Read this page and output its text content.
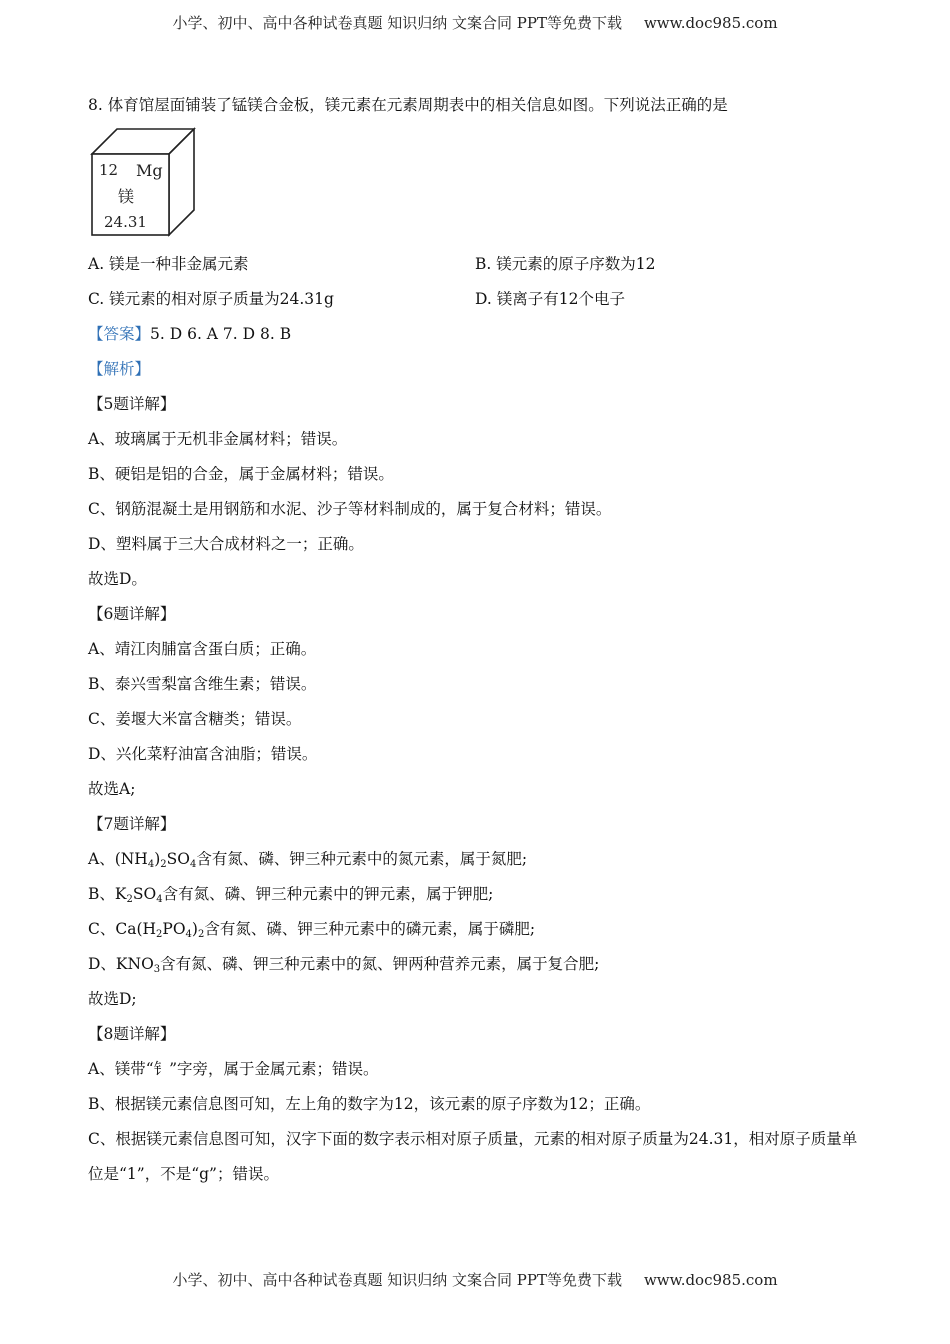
小学、初中、高中各种试卷真题 知识归纳 文案合同 PPT等免费下载 www.doc985.com
8. 体育馆屋面铺装了锰镁合金板，镁元素在元素周期表中的相关信息如图。下列说法正确的是
12 Mg
镁
24.31
A. 镁是一种非金属元素	B. 镁元素的原子序数为12
C. 镁元素的相对原子质量为24.31g	D. 镁离子有12个电子
【答案】5. D 6. A 7. D 8. B
【解析】
【5题详解】
A、玻璃属于无机非金属材料；错误。
B、硬铝是铝的合金，属于金属材料；错误。
C、钢筋混凝土是用钢筋和水泥、沙子等材料制成的，属于复合材料；错误。
D、塑料属于三大合成材料之一；正确。
故选D。
【6题详解】
A、靖江肉脯富含蛋白质；正确。
B、泰兴雪梨富含维生素；错误。
C、姜堰大米富含糖类；错误。
D、兴化菜籽油富含油脂；错误。
故选A;
【7题详解】
A、$(NH_4)_2SO_4$含有氮、磷、钾三种元素中的氮元素，属于氮肥;
B、$K_2SO_4$含有氮、磷、钾三种元素中的钾元素，属于钾肥;
C、$Ca(H_2PO_4)_2$含有氮、磷、钾三种元素中的磷元素，属于磷肥;
D、$KNO_3$含有氮、磷、钾三种元素中的氮、钾两种营养元素，属于复合肥;
故选D;
【8题详解】
A、镁带“钅”字旁，属于金属元素；错误。
B、根据镁元素信息图可知，左上角的数字为12，该元素的原子序数为12；正确。
C、根据镁元素信息图可知，汉字下面的数字表示相对原子质量，元素的相对原子质量为24.31，相对原子质量单位是“1”，不是“g”；错误。
小学、初中、高中各种试卷真题 知识归纳 文案合同 PPT等免费下载 www.doc985.com
